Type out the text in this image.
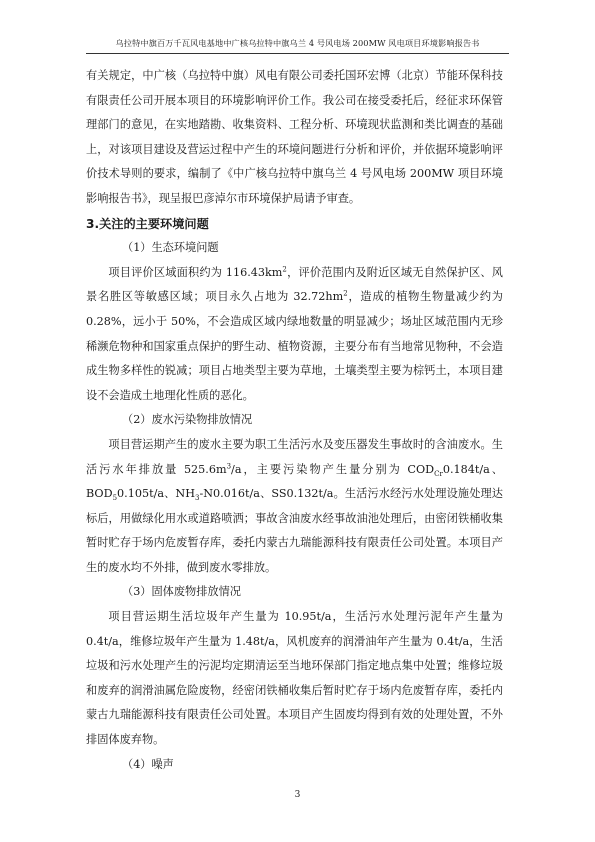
乌拉特中旗百万千瓦风电基地中广核乌拉特中旗乌兰 4 号风电场 200MW 风电项目环境影响报告书

有关规定，中广核（乌拉特中旗）风电有限公司委托国环宏博（北京）节能环保科技有限责任公司开展本项目的环境影响评价工作。我公司在接受委托后，经征求环保管理部门的意见，在实地踏勘、收集资料、工程分析、环境现状监测和类比调查的基础上，对该项目建设及营运过程中产生的环境问题进行分析和评价，并依据环境影响评价技术导则的要求，编制了《中广核乌拉特中旗乌兰 4 号风电场 200MW 项目环境影响报告书》，现呈报巴彦淖尔市环境保护局请予审查。

3.关注的主要环境问题

（1）生态环境问题

项目评价区域面积约为 $116.43km^2$，评价范围内及附近区域无自然保护区、风景名胜区等敏感区域；项目永久占地为 $32.72hm^2$，造成的植物生物量减少约为 0.28%，远小于 50%，不会造成区域内绿地数量的明显减少；场址区域范围内无珍稀濒危物种和国家重点保护的野生动、植物资源，主要分布有当地常见物种，不会造成生物多样性的锐减；项目占地类型主要为草地，土壤类型主要为棕钙土，本项目建设不会造成土地理化性质的恶化。

（2）废水污染物排放情况

项目营运期产生的废水主要为职工生活污水及变压器发生事故时的含油废水。生活污水年排放量 $525.6m^3/a$，主要污染物产生量分别为 $COD_{Cr}0.184t/a$、$BOD_50.105t/a$、$NH_3-N0.016t/a$、SS0.132t/a。生活污水经污水处理设施处理达标后，用做绿化用水或道路喷洒；事故含油废水经事故油池处理后，由密闭铁桶收集暂时贮存于场内危废暂存库，委托内蒙古九瑞能源科技有限责任公司处置。本项目产生的废水均不外排，做到废水零排放。

（3）固体废物排放情况

项目营运期生活垃圾年产生量为 10.95t/a，生活污水处理污泥年产生量为 0.4t/a，维修垃圾年产生量为 1.48t/a，风机废弃的润滑油年产生量为 0.4t/a，生活垃圾和污水处理产生的污泥均定期清运至当地环保部门指定地点集中处置；维修垃圾和废弃的润滑油属危险废物，经密闭铁桶收集后暂时贮存于场内危废暂存库，委托内蒙古九瑞能源科技有限责任公司处置。本项目产生固废均得到有效的处理处置，不外排固体废弃物。

（4）噪声

3
